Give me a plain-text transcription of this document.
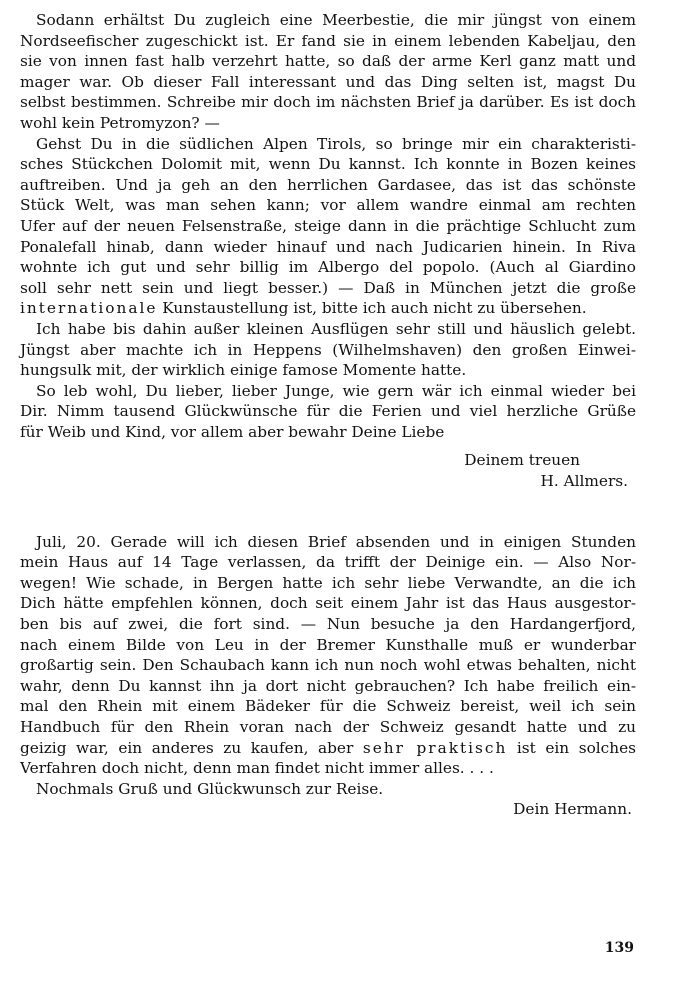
Sodann erhältst Du zugleich eine Meerbestie, die mir jüngst von einem
Nordseefischer zugeschickt ist. Er fand sie in einem lebenden Kabeljau, den
sie von innen fast halb verzehrt hatte, so daß der arme Kerl ganz matt und
mager war. Ob dieser Fall interessant und das Ding selten ist, magst Du
selbst bestimmen. Schreibe mir doch im nächsten Brief ja darüber. Es ist doch
wohl kein Petromyzon? —
Gehst Du in die südlichen Alpen Tirols, so bringe mir ein charakteristi-
sches Stückchen Dolomit mit, wenn Du kannst. Ich konnte in Bozen keines
auftreiben. Und ja geh an den herrlichen Gardasee, das ist das schönste
Stück Welt, was man sehen kann; vor allem wandre einmal am rechten
Ufer auf der neuen Felsenstraße, steige dann in die prächtige Schlucht zum
Ponalefall hinab, dann wieder hinauf und nach Judicarien hinein. In Riva
wohnte ich gut und sehr billig im Albergo del popolo. (Auch al Giardino
soll sehr nett sein und liegt besser.) — Daß in München jetzt die große
internationale Kunstaustellung ist, bitte ich auch nicht zu übersehen.
Ich habe bis dahin außer kleinen Ausflügen sehr still und häuslich gelebt.
Jüngst aber machte ich in Heppens (Wilhelmshaven) den großen Einwei-
hungsulk mit, der wirklich einige famose Momente hatte.
So leb wohl, Du lieber, lieber Junge, wie gern wär ich einmal wieder bei
Dir. Nimm tausend Glückwünsche für die Ferien und viel herzliche Grüße
für Weib und Kind, vor allem aber bewahr Deine Liebe
Deinem treuen
H. Allmers.
Juli, 20. Gerade will ich diesen Brief absenden und in einigen Stunden
mein Haus auf 14 Tage verlassen, da trifft der Deinige ein. — Also Nor-
wegen! Wie schade, in Bergen hatte ich sehr liebe Verwandte, an die ich
Dich hätte empfehlen können, doch seit einem Jahr ist das Haus ausgestor-
ben bis auf zwei, die fort sind. — Nun besuche ja den Hardangerfjord,
nach einem Bilde von Leu in der Bremer Kunsthalle muß er wunderbar
großartig sein. Den Schaubach kann ich nun noch wohl etwas behalten, nicht
wahr, denn Du kannst ihn ja dort nicht gebrauchen? Ich habe freilich ein-
mal den Rhein mit einem Bädeker für die Schweiz bereist, weil ich sein
Handbuch für den Rhein voran nach der Schweiz gesandt hatte und zu
geizig war, ein anderes zu kaufen, aber sehr praktisch ist ein solches
Verfahren doch nicht, denn man findet nicht immer alles. . . .
Nochmals Gruß und Glückwunsch zur Reise.
Dein Hermann.
139
